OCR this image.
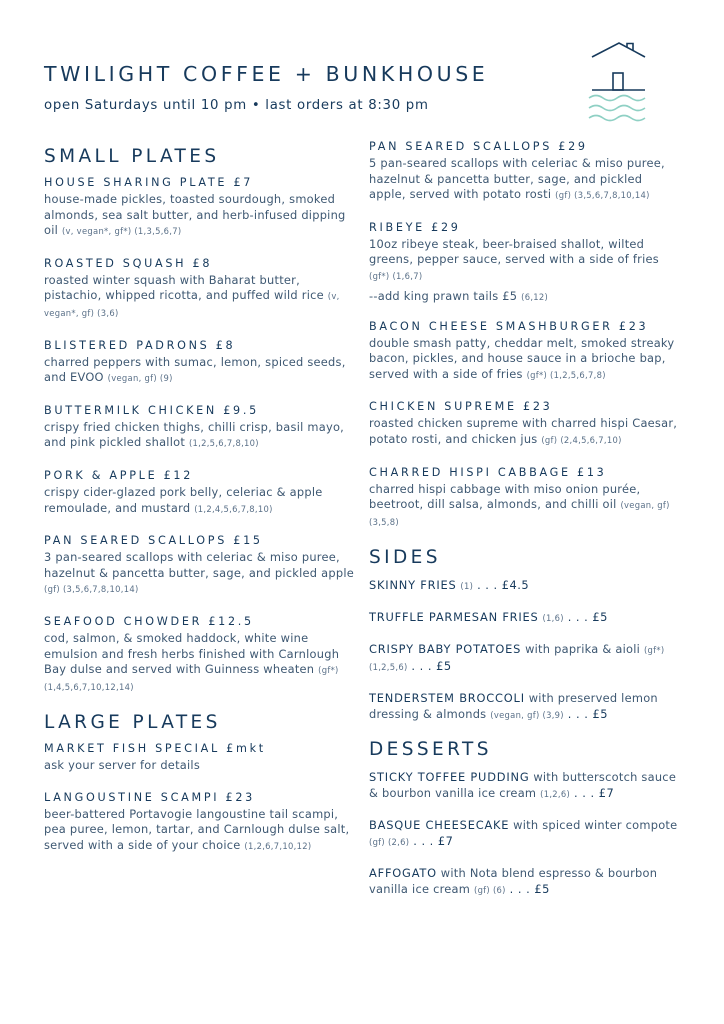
TWILIGHT COFFEE + BUNKHOUSE
open Saturdays until 10 pm • last orders at 8:30 pm
SMALL PLATES
HOUSE SHARING PLATE £7
house-made pickles, toasted sourdough, smoked almonds, sea salt butter, and herb-infused dipping oil (v, vegan*, gf*) (1,3,5,6,7)
ROASTED SQUASH £8
roasted winter squash with Baharat butter, pistachio, whipped ricotta, and puffed wild rice (v, vegan*, gf) (3,6)
BLISTERED PADRONS £8
charred peppers with sumac, lemon, spiced seeds, and EVOO (vegan, gf) (9)
BUTTERMILK CHICKEN £9.5
crispy fried chicken thighs, chilli crisp, basil mayo, and pink pickled shallot (1,2,5,6,7,8,10)
PORK & APPLE £12
crispy cider-glazed pork belly, celeriac & apple remoulade, and mustard (1,2,4,5,6,7,8,10)
PAN SEARED SCALLOPS £15
3 pan-seared scallops with celeriac & miso puree, hazelnut & pancetta butter, sage, and pickled apple (gf) (3,5,6,7,8,10,14)
SEAFOOD CHOWDER £12.5
cod, salmon, & smoked haddock, white wine emulsion and fresh herbs finished with Carnlough Bay dulse and served with Guinness wheaten (gf*) (1,4,5,6,7,10,12,14)
LARGE PLATES
MARKET FISH SPECIAL £mkt
ask your server for details
LANGOUSTINE SCAMPI £23
beer-battered Portavogie langoustine tail scampi, pea puree, lemon, tartar, and Carnlough dulse salt, served with a side of your choice (1,2,6,7,10,12)
PAN SEARED SCALLOPS £29
5 pan-seared scallops with celeriac & miso puree, hazelnut & pancetta butter, sage, and pickled apple, served with potato rosti (gf) (3,5,6,7,8,10,14)
RIBEYE £29
10oz ribeye steak, beer-braised shallot, wilted greens, pepper sauce, served with a side of fries (gf*) (1,6,7)
--add king prawn tails £5 (6,12)
BACON CHEESE SMASHBURGER £23
double smash patty, cheddar melt, smoked streaky bacon, pickles, and house sauce in a brioche bap, served with a side of fries (gf*) (1,2,5,6,7,8)
CHICKEN SUPREME £23
roasted chicken supreme with charred hispi Caesar, potato rosti, and chicken jus (gf) (2,4,5,6,7,10)
CHARRED HISPI CABBAGE £13
charred hispi cabbage with miso onion purée, beetroot, dill salsa, almonds, and chilli oil (vegan, gf) (3,5,8)
SIDES
SKINNY FRIES (1) . . . £4.5
TRUFFLE PARMESAN FRIES (1,6) . . . £5
CRISPY BABY POTATOES with paprika & aioli (gf*) (1,2,5,6) . . . £5
TENDERSTEM BROCCOLI with preserved lemon dressing & almonds (vegan, gf) (3,9) . . . £5
DESSERTS
STICKY TOFFEE PUDDING with butterscotch sauce & bourbon vanilla ice cream (1,2,6) . . . £7
BASQUE CHEESECAKE with spiced winter compote (gf) (2,6) . . . £7
AFFOGATO with Nota blend espresso & bourbon vanilla ice cream (gf) (6) . . . £5
